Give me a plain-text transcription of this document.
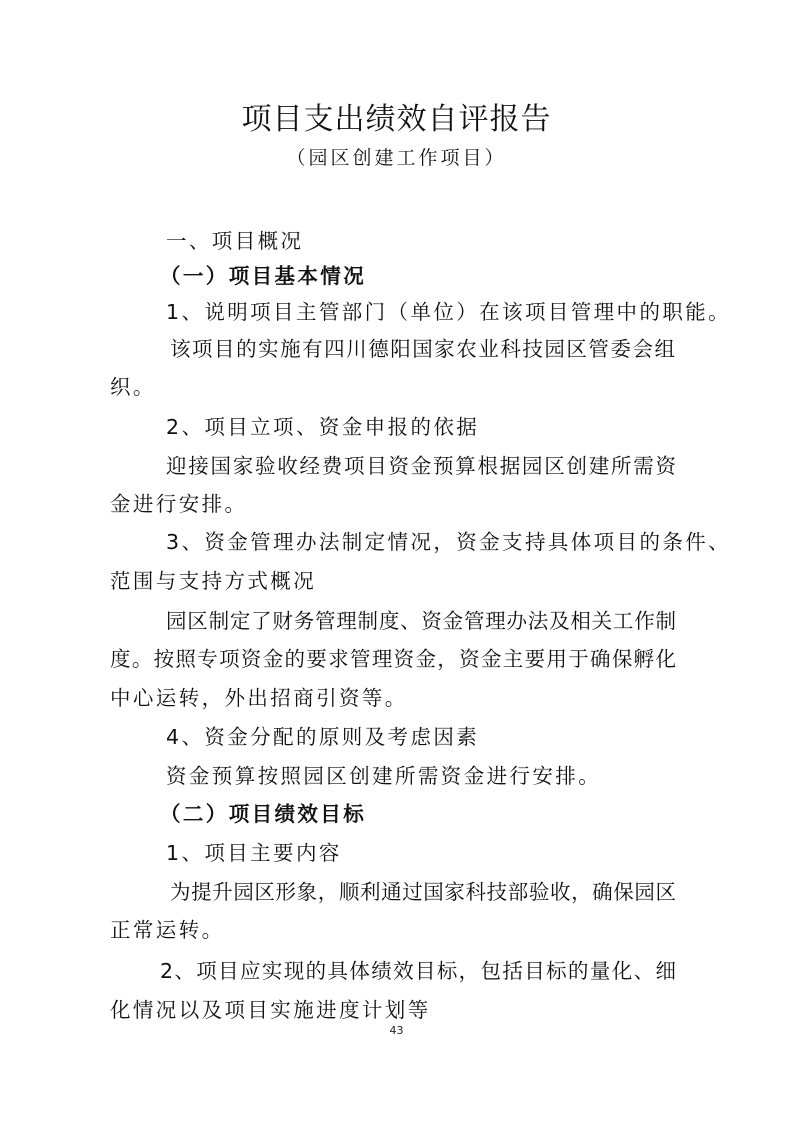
项目支出绩效自评报告
（园区创建工作项目）
一、项目概况
（一）项目基本情况
1、说明项目主管部门（单位）在该项目管理中的职能。
该项目的实施有四川德阳国家农业科技园区管委会组
织。
2、项目立项、资金申报的依据
迎接国家验收经费项目资金预算根据园区创建所需资
金进行安排。
3、资金管理办法制定情况，资金支持具体项目的条件、
范围与支持方式概况
园区制定了财务管理制度、资金管理办法及相关工作制
度。按照专项资金的要求管理资金，资金主要用于确保孵化
中心运转，外出招商引资等。
4、资金分配的原则及考虑因素
资金预算按照园区创建所需资金进行安排。
（二）项目绩效目标
1、项目主要内容
为提升园区形象，顺利通过国家科技部验收，确保园区
正常运转。
2、项目应实现的具体绩效目标，包括目标的量化、细
化情况以及项目实施进度计划等
43
